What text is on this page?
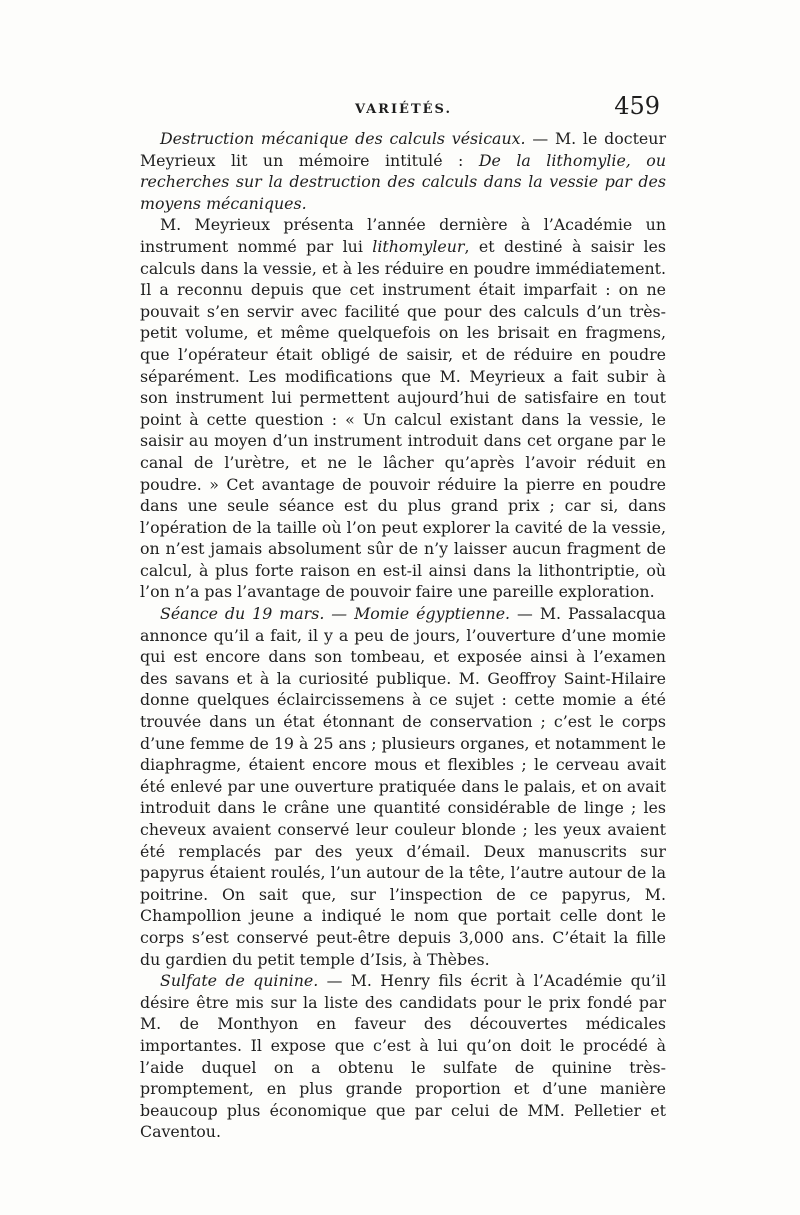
VARIÉTÉS.	459

Destruction mécanique des calculs vésicaux. — M. le docteur Meyrieux lit un mémoire intitulé : De la lithomylie, ou recherches sur la destruction des calculs dans la vessie par des moyens mécaniques.

M. Meyrieux présenta l’année dernière à l’Académie un instrument nommé par lui lithomyleur, et destiné à saisir les calculs dans la vessie, et à les réduire en poudre immédiatement. Il a reconnu depuis que cet instrument était imparfait : on ne pouvait s’en servir avec facilité que pour des calculs d’un très-petit volume, et même quelquefois on les brisait en fragmens, que l’opérateur était obligé de saisir, et de réduire en poudre séparément. Les modifications que M. Meyrieux a fait subir à son instrument lui permettent aujourd’hui de satisfaire en tout point à cette question : « Un calcul existant dans la vessie, le saisir au moyen d’un instrument introduit dans cet organe par le canal de l’urètre, et ne le lâcher qu’après l’avoir réduit en poudre. » Cet avantage de pouvoir réduire la pierre en poudre dans une seule séance est du plus grand prix ; car si, dans l’opération de la taille où l’on peut explorer la cavité de la vessie, on n’est jamais absolument sûr de n’y laisser aucun fragment de calcul, à plus forte raison en est-il ainsi dans la lithontriptie, où l’on n’a pas l’avantage de pouvoir faire une pareille exploration.

Séance du 19 mars. — Momie égyptienne. — M. Passalacqua annonce qu’il a fait, il y a peu de jours, l’ouverture d’une momie qui est encore dans son tombeau, et exposée ainsi à l’examen des savans et à la curiosité publique. M. Geoffroy Saint-Hilaire donne quelques éclaircissemens à ce sujet : cette momie a été trouvée dans un état étonnant de conservation ; c’est le corps d’une femme de 19 à 25 ans ; plusieurs organes, et notamment le diaphragme, étaient encore mous et flexibles ; le cerveau avait été enlevé par une ouverture pratiquée dans le palais, et on avait introduit dans le crâne une quantité considérable de linge ; les cheveux avaient conservé leur couleur blonde ; les yeux avaient été remplacés par des yeux d’émail. Deux manuscrits sur papyrus étaient roulés, l’un autour de la tête, l’autre autour de la poitrine. On sait que, sur l’inspection de ce papyrus, M. Champollion jeune a indiqué le nom que portait celle dont le corps s’est conservé peut-être depuis 3,000 ans. C’était la fille du gardien du petit temple d’Isis, à Thèbes.

Sulfate de quinine. — M. Henry fils écrit à l’Académie qu’il désire être mis sur la liste des candidats pour le prix fondé par M. de Monthyon en faveur des découvertes médicales importantes. Il expose que c’est à lui qu’on doit le procédé à l’aide duquel on a obtenu le sulfate de quinine très-promptement, en plus grande proportion et d’une manière beaucoup plus économique que par celui de MM. Pelletier et Caventou.
